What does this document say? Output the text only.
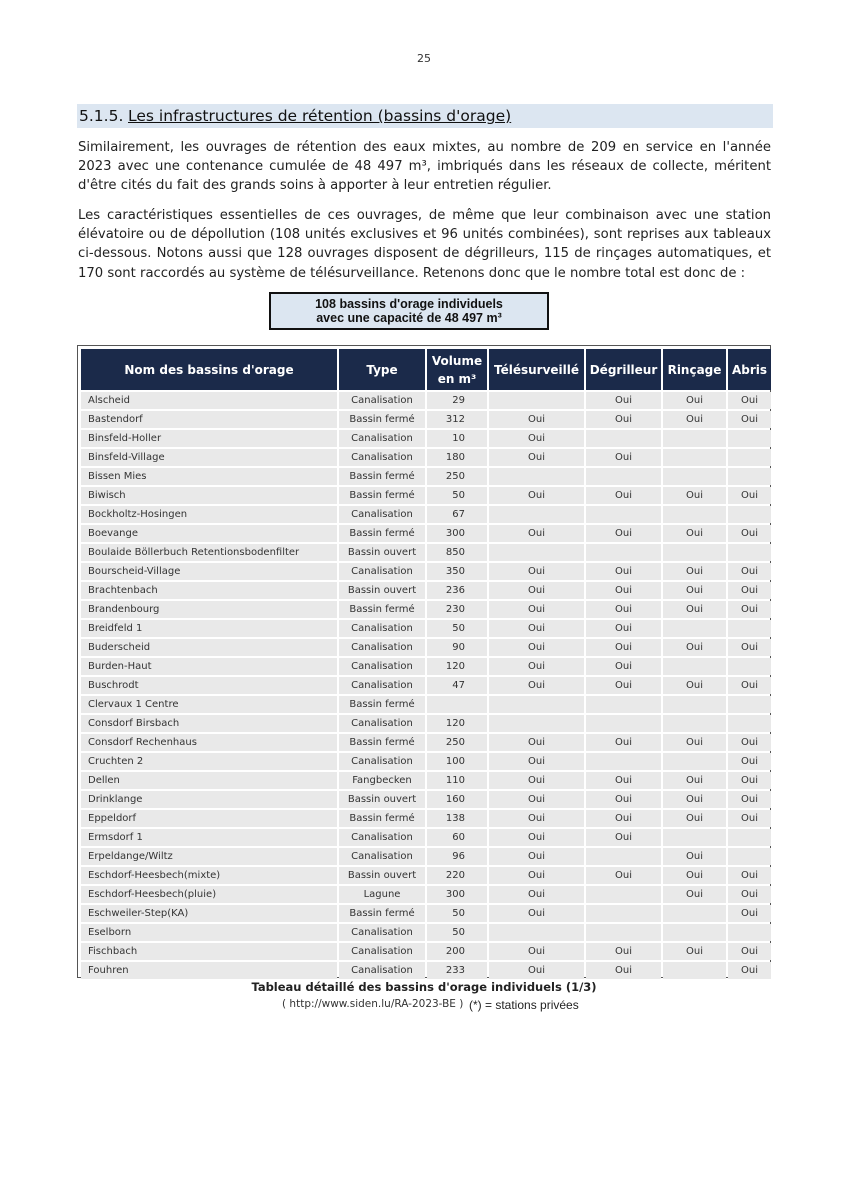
25
5.1.5. Les infrastructures de rétention (bassins d'orage)

Similairement, les ouvrages de rétention des eaux mixtes, au nombre de 209 en service en l'année 2023 avec une contenance cumulée de 48 497 m³, imbriqués dans les réseaux de collecte, méritent d'être cités du fait des grands soins à apporter à leur entretien régulier.

Les caractéristiques essentielles de ces ouvrages, de même que leur combinaison avec une station élévatoire ou de dépollution (108 unités exclusives et 96 unités combinées), sont reprises aux tableaux ci-dessous. Notons aussi que 128 ouvrages disposent de dégrilleurs, 115 de rinçages automatiques, et 170 sont raccordés au système de télésurveillance. Retenons donc que le nombre total est donc de :

108 bassins d'orage individuels
avec une capacité de 48 497 m³
Nom des bassins d'orage	Type	Volume en m³	Télésurveillé	Dégrilleur	Rinçage	Abris
Alscheid	Canalisation	29		Oui	Oui	Oui
Bastendorf	Bassin fermé	312	Oui	Oui	Oui	Oui
Binsfeld-Holler	Canalisation	10	Oui			
Binsfeld-Village	Canalisation	180	Oui	Oui		
Bissen Mies	Bassin fermé	250				
Biwisch	Bassin fermé	50	Oui	Oui	Oui	Oui
Bockholtz-Hosingen	Canalisation	67				
Boevange	Bassin fermé	300	Oui	Oui	Oui	Oui
Boulaide Böllerbuch Retentionsbodenfilter	Bassin ouvert	850				
Bourscheid-Village	Canalisation	350	Oui	Oui	Oui	Oui
Brachtenbach	Bassin ouvert	236	Oui	Oui	Oui	Oui
Brandenbourg	Bassin fermé	230	Oui	Oui	Oui	Oui
Breidfeld 1	Canalisation	50	Oui	Oui		
Buderscheid	Canalisation	90	Oui	Oui	Oui	Oui
Burden-Haut	Canalisation	120	Oui	Oui		
Buschrodt	Canalisation	47	Oui	Oui	Oui	Oui
Clervaux 1 Centre	Bassin fermé					
Consdorf Birsbach	Canalisation	120				
Consdorf Rechenhaus	Bassin fermé	250	Oui	Oui	Oui	Oui
Cruchten 2	Canalisation	100	Oui			Oui
Dellen	Fangbecken	110	Oui	Oui	Oui	Oui
Drinklange	Bassin ouvert	160	Oui	Oui	Oui	Oui
Eppeldorf	Bassin fermé	138	Oui	Oui	Oui	Oui
Ermsdorf 1	Canalisation	60	Oui	Oui		
Erpeldange/Wiltz	Canalisation	96	Oui		Oui	
Eschdorf-Heesbech(mixte)	Bassin ouvert	220	Oui	Oui	Oui	Oui
Eschdorf-Heesbech(pluie)	Lagune	300	Oui		Oui	Oui
Eschweiler-Step(KA)	Bassin fermé	50	Oui			Oui
Eselborn	Canalisation	50				
Fischbach	Canalisation	200	Oui	Oui	Oui	Oui
Fouhren	Canalisation	233	Oui	Oui		Oui
Tableau détaillé des bassins d'orage individuels (1/3)
( http://www.siden.lu/RA-2023-BE ) (*) = stations privées
